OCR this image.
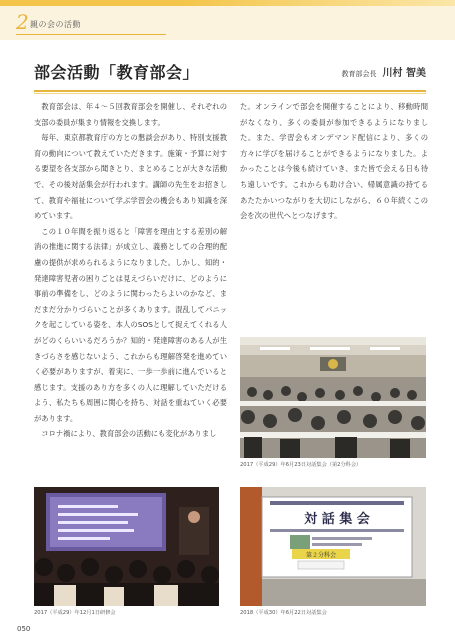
2 親の会の活動
部会活動「教育部会」	教育部会長 川村 智美

教育部会は、年４～５回教育部会を開催し、それぞれの支部の委員が集まり情報を交換します。

毎年、東京都教育庁の方との懇談会があり、特別支援教育の動向について教えていただきます。施策・予算に対する要望を各支部から聞きとり、まとめることが大きな活動で、その後対話集会が行われます。講師の先生をお招きして、教育や福祉について学ぶ学習会の機会もあり知識を深めています。

この１０年間を振り返ると「障害を理由とする差別の解消の推進に関する法律」が成立し、義務としての合理的配慮の提供が求められるようになりました。しかし、知的・発達障害児者の困りごとは見えづらいだけに、どのように事前の準備をし、どのように関わったらよいのかなど、まだまだ分かりづらいことが多くあります。混乱してパニックを起こしている姿を、本人のSOSとして捉えてくれる人がどのくらいいるだろうか？知的・発達障害のある人が生きづらさを感じないよう、これからも理解啓発を進めていく必要がありますが、着実に、一歩一歩前に進んでいると感じます。支援のあり方を多くの人に理解していただけるよう、私たちも周囲に関心を持ち、対話を重ねていく必要があります。

コロナ禍により、教育部会の活動にも変化がありまし

た。オンラインで部会を開催することにより、移動時間がなくなり、多くの委員が参加できるようになりました。また、学習会もオンデマンド配信により、多くの方々に学びを届けることができるようになりました。よかったことは今後も続けていき、また皆で会える日も待ち遠しいです。これからも助け合い、帰属意識の持てるあたたかいつながりを大切にしながら、６０年続くこの会を次の世代へとつなげます。

2017（平成29）年6月23日対話集会（第2分科会）
2017（平成29）年12月1日研修会
対 話 集 会
第２分科会
2018（平成30）年6月22日対話集会
050
